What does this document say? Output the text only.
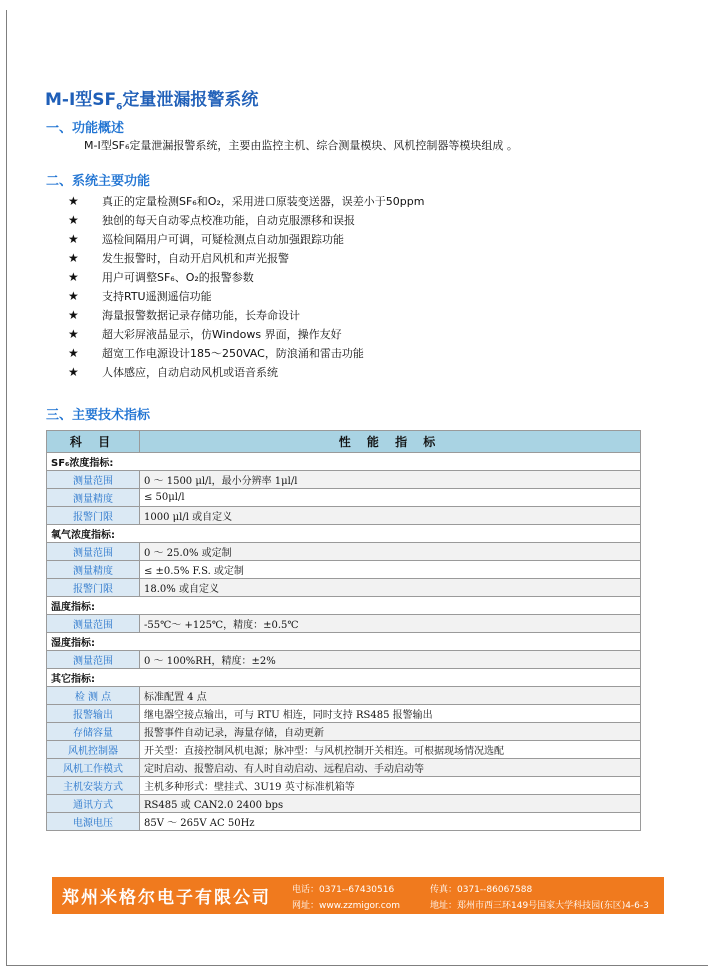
M-I型$SF_6$定量泄漏报警系统
一、功能概述
M-I型SF₆定量泄漏报警系统，主要由监控主机、综合测量模块、风机控制器等模块组成 。
二、系统主要功能
★ 真正的定量检测SF₆和O₂，采用进口原装变送器，误差小于50ppm
★ 独创的每天自动零点校准功能，自动克服漂移和误报
★ 巡检间隔用户可调，可疑检测点自动加强跟踪功能
★ 发生报警时，自动开启风机和声光报警
★ 用户可调整SF₆、O₂的报警参数
★ 支持RTU遥测遥信功能
★ 海量报警数据记录存储功能，长寿命设计
★ 超大彩屏液晶显示，仿Windows 界面，操作友好
★ 超宽工作电源设计185～250VAC，防浪涌和雷击功能
★ 人体感应，自动启动风机或语音系统
三、主要技术指标
科 目	性 能 指 标
SF₆浓度指标:	
测量范围	0 ～ 1500 μl/l，最小分辨率 1μl/l
测量精度	≤ 50μl/l
报警门限	1000 μl/l 或自定义
氧气浓度指标:	
测量范围	0 ～ 25.0% 或定制
测量精度	≤ ±0.5% F.S. 或定制
报警门限	18.0% 或自定义
温度指标:	
测量范围	-55℃～ +125℃，精度：±0.5℃
湿度指标:	
测量范围	0 ～ 100%RH，精度：±2%
其它指标:	
检 测 点	标准配置 4 点
报警输出	继电器空接点输出，可与 RTU 相连，同时支持 RS485 报警输出
存储容量	报警事件自动记录，海量存储，自动更新
风机控制器	开关型：直接控制风机电源；脉冲型：与风机控制开关相连。可根据现场情况选配
风机工作模式	定时启动、报警启动、有人时自动启动、远程启动、手动启动等
主机安装方式	主机多种形式：壁挂式、3U19 英寸标准机箱等
通讯方式	RS485 或 CAN2.0 2400 bps
电源电压	85V ～ 265V AC 50Hz
郑州米格尔电子有限公司 电话：0371--67430516	传真：0371--86067588
网址：www.zzmigor.com	地址：郑州市西三环149号国家大学科技园(东区)4-6-3
